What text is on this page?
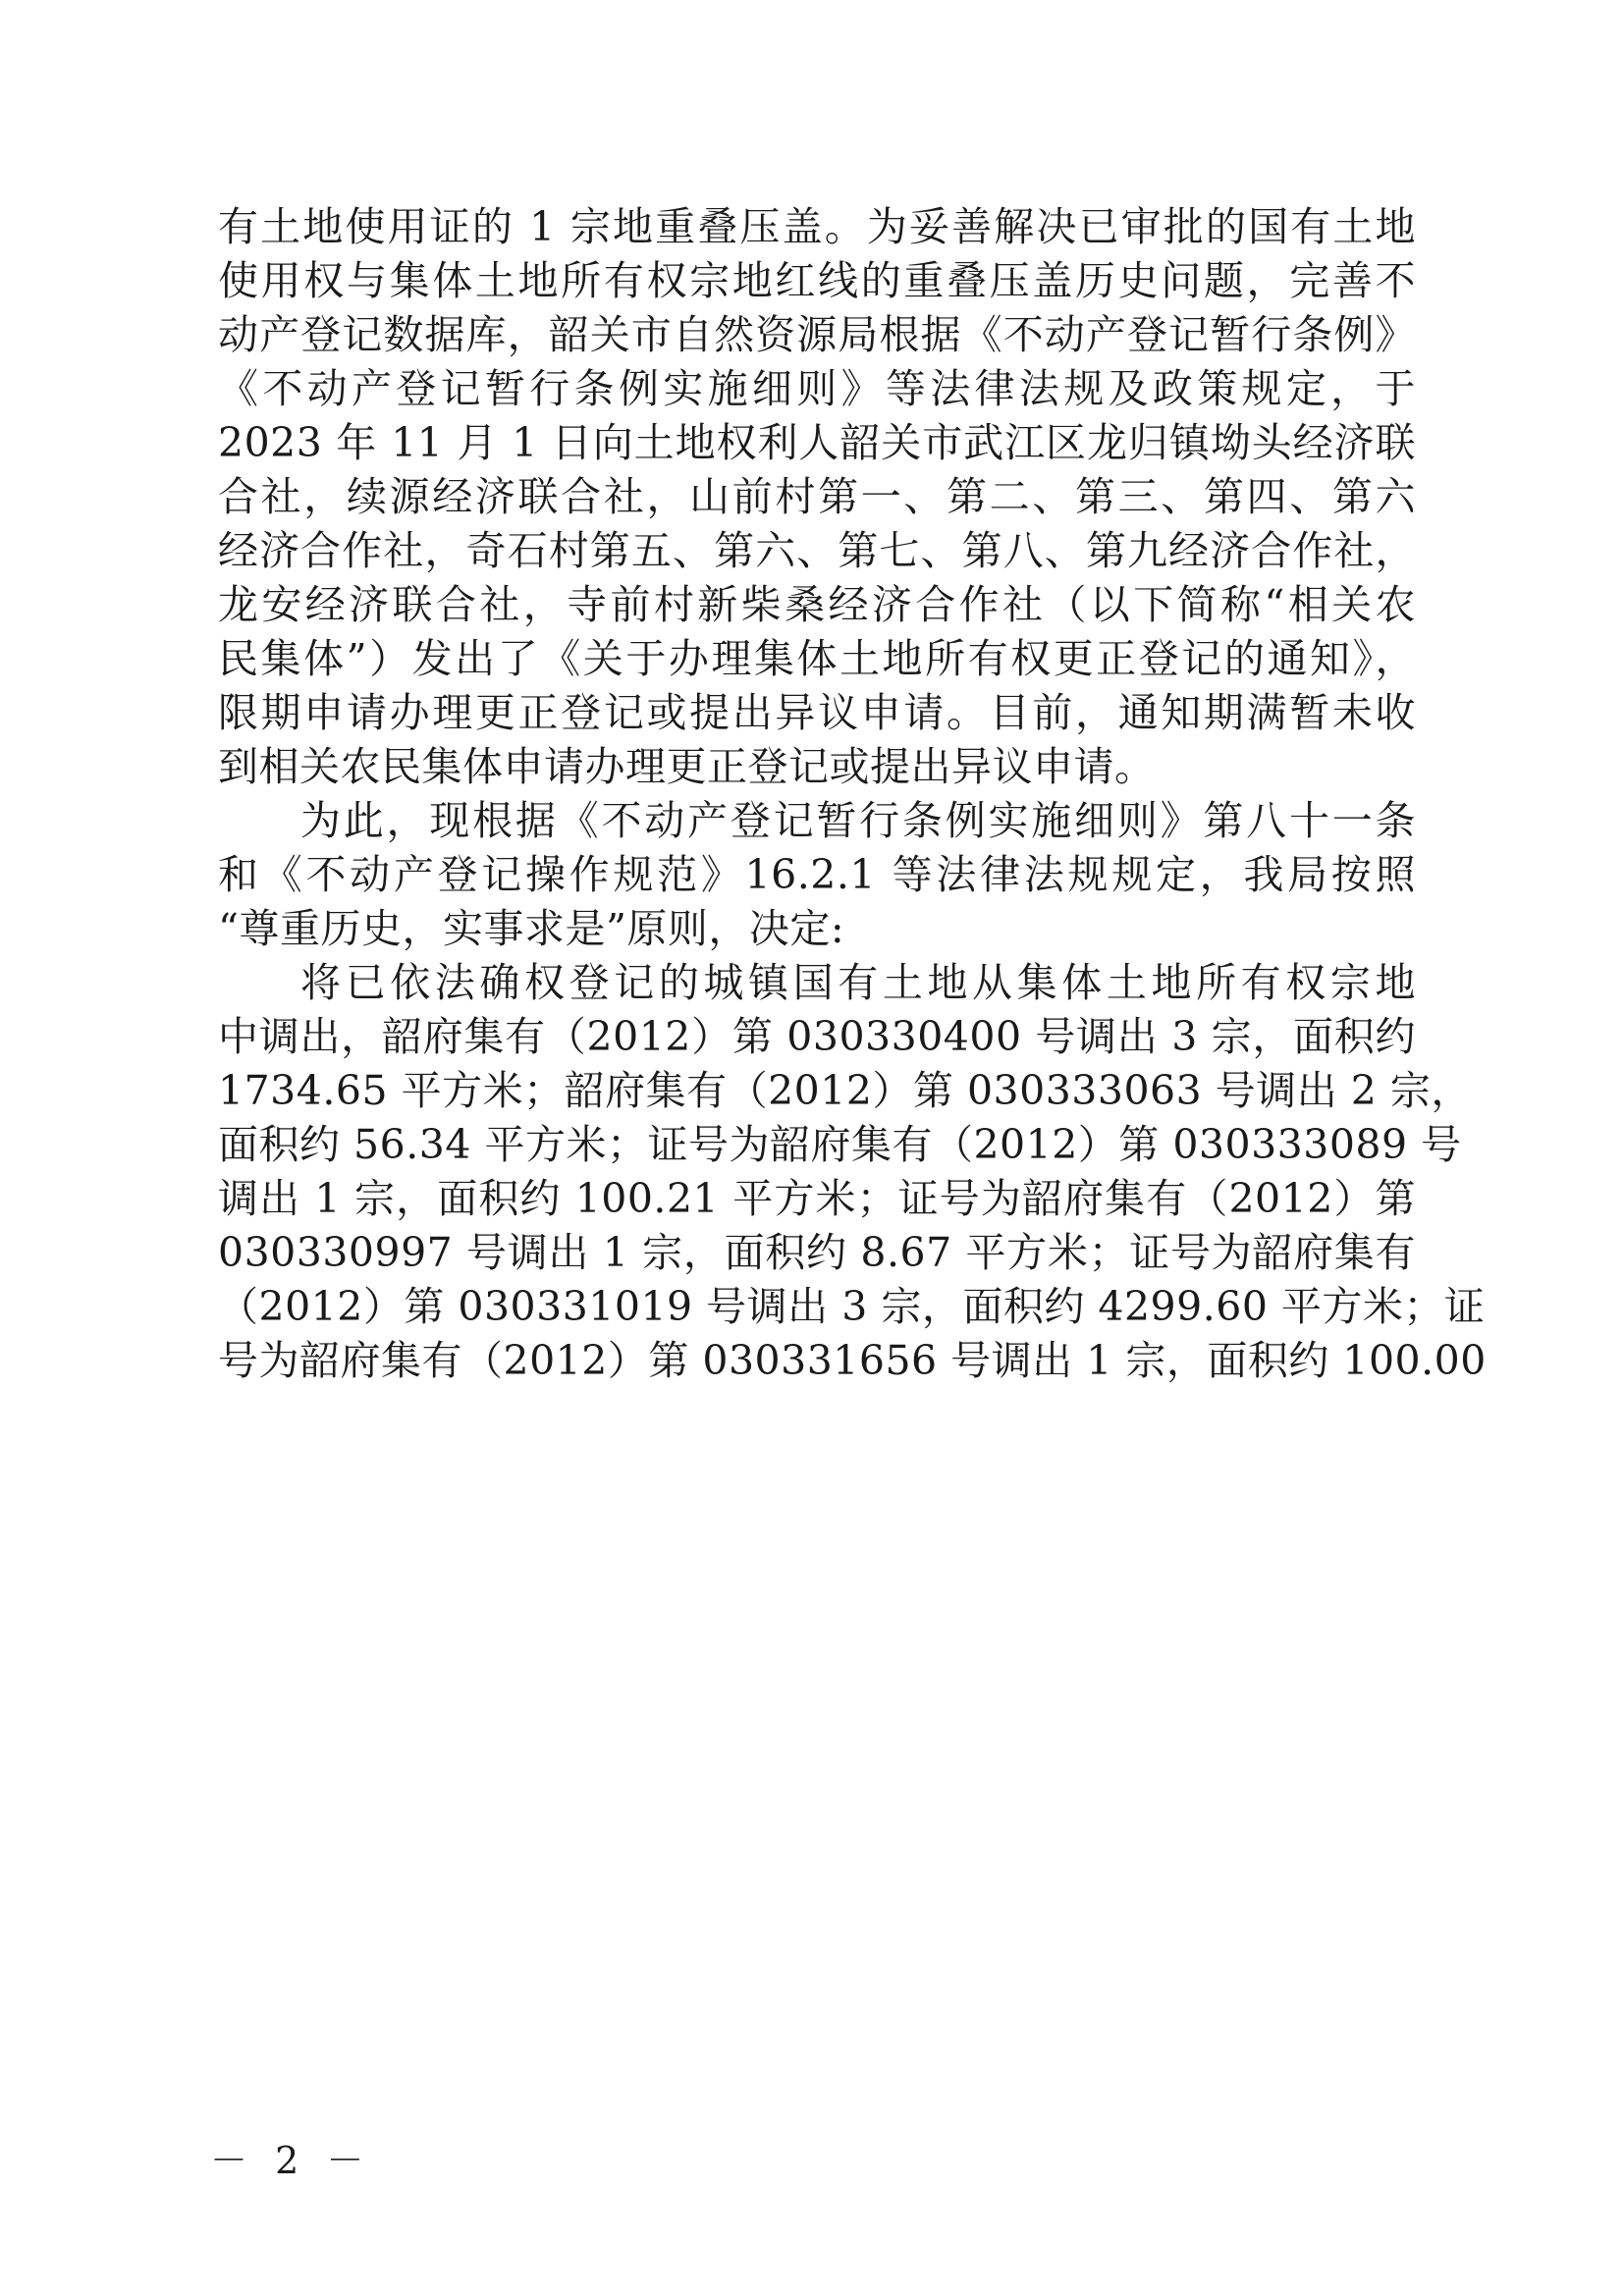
有土地使用证的 1 宗地重叠压盖。为妥善解决已审批的国有土地
使用权与集体土地所有权宗地红线的重叠压盖历史问题，完善不
动产登记数据库，韶关市自然资源局根据《不动产登记暂行条例》
《不动产登记暂行条例实施细则》等法律法规及政策规定，于
2023 年 11 月 1 日向土地权利人韶关市武江区龙归镇坳头经济联
合社，续源经济联合社，山前村第一、第二、第三、第四、第六
经济合作社，奇石村第五、第六、第七、第八、第九经济合作社，
龙安经济联合社，寺前村新柴桑经济合作社（以下简称“相关农
民集体”）发出了《关于办理集体土地所有权更正登记的通知》，
限期申请办理更正登记或提出异议申请。目前，通知期满暂未收
到相关农民集体申请办理更正登记或提出异议申请。
为此，现根据《不动产登记暂行条例实施细则》第八十一条
和《不动产登记操作规范》16.2.1 等法律法规规定，我局按照
“尊重历史，实事求是”原则，决定:
将已依法确权登记的城镇国有土地从集体土地所有权宗地
中调出，韶府集有（2012）第 030330400 号调出 3 宗，面积约
1734.65 平方米；韶府集有（2012）第 030333063 号调出 2 宗，
面积约 56.34 平方米；证号为韶府集有（2012）第 030333089 号
调出 1 宗，面积约 100.21 平方米；证号为韶府集有（2012）第
030330997 号调出 1 宗，面积约 8.67 平方米；证号为韶府集有
（2012）第 030331019 号调出 3 宗，面积约 4299.60 平方米；证
号为韶府集有（2012）第 030331656 号调出 1 宗，面积约 100.00
－ 2 －
